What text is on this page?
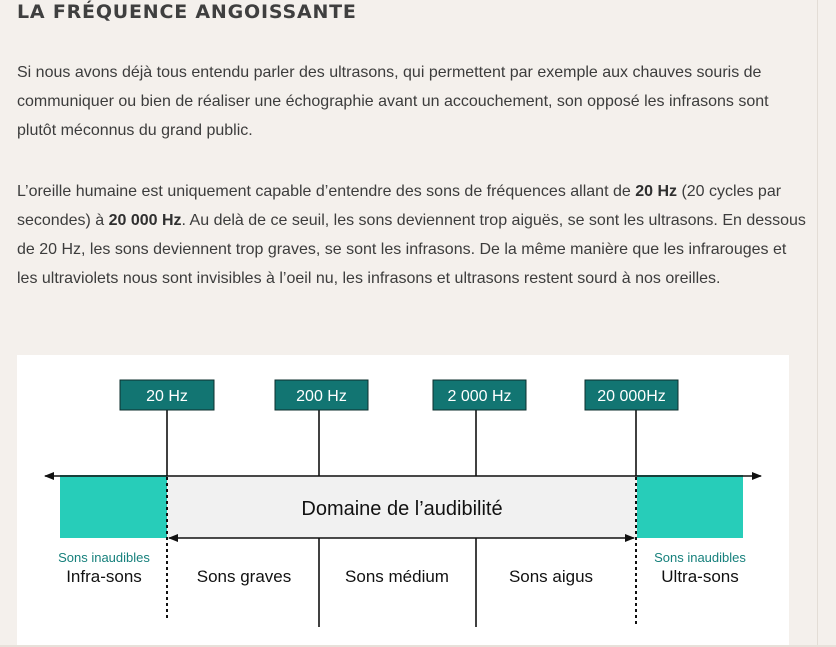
LA FRÉQUENCE ANGOISSANTE

Si nous avons déjà tous entendu parler des ultrasons, qui permettent par exemple aux chauves souris de communiquer ou bien de réaliser une échographie avant un accouchement, son opposé les infrasons sont plutôt méconnus du grand public.

L’oreille humaine est uniquement capable d’entendre des sons de fréquences allant de 20 Hz (20 cycles par secondes) à 20 000 Hz. Au delà de ce seuil, les sons deviennent trop aiguës, se sont les ultrasons. En dessous de 20 Hz, les sons deviennent trop graves, se sont les infrasons. De la même manière que les infrarouges et les ultraviolets nous sont invisibles à l’oeil nu, les infrasons et ultrasons restent sourd à nos oreilles.

20 Hz	200 Hz	2 000 Hz	20 000Hz
Domaine de l’audibilité
Sons inaudibles
Infra-sons
Sons inaudibles
Ultra-sons
Sons graves	Sons médium	Sons aigus
